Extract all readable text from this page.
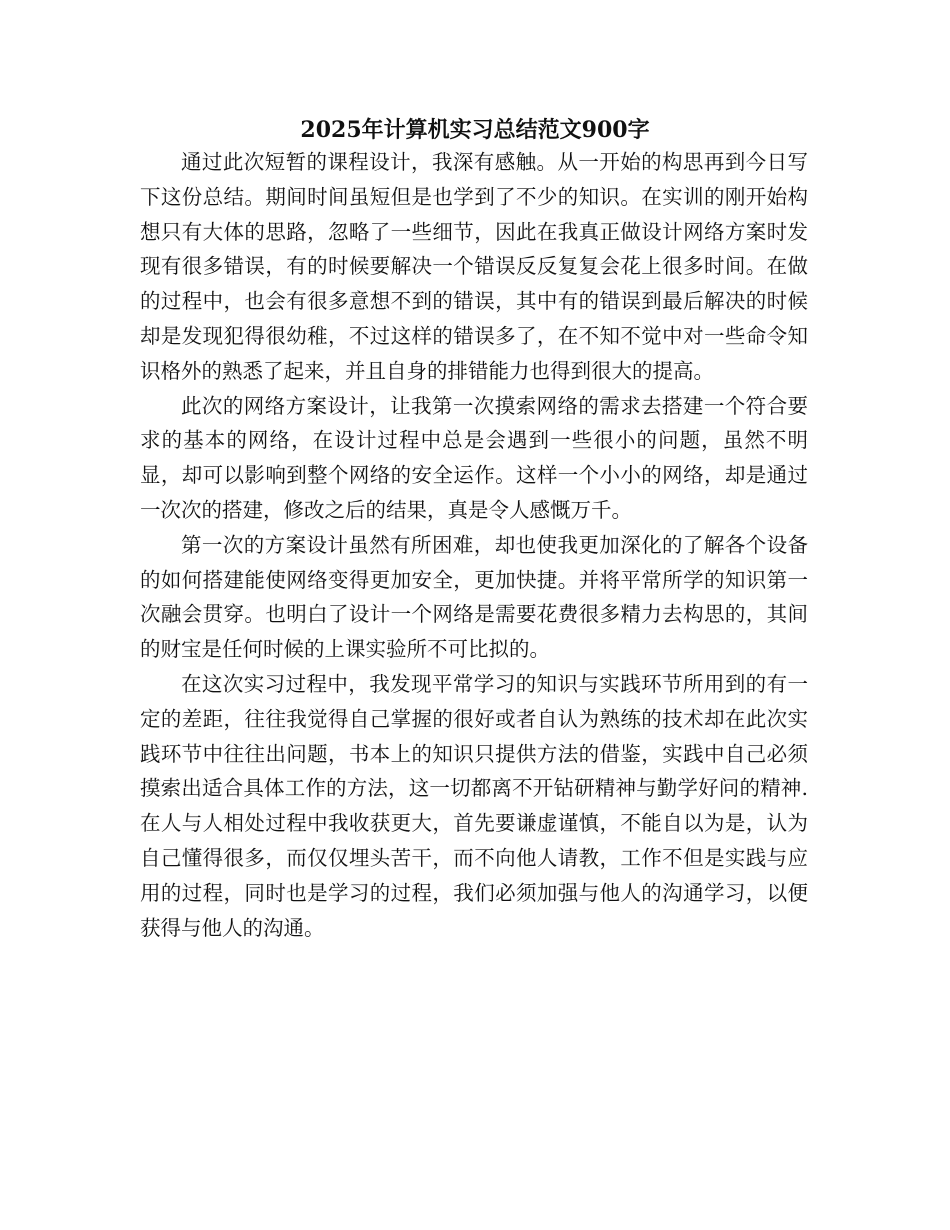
2025年计算机实习总结范文900字

通过此次短暂的课程设计，我深有感触。从一开始的构思再到今日写下这份总结。期间时间虽短但是也学到了不少的知识。在实训的刚开始构想只有大体的思路，忽略了一些细节，因此在我真正做设计网络方案时发现有很多错误，有的时候要解决一个错误反反复复会花上很多时间。在做的过程中，也会有很多意想不到的错误，其中有的错误到最后解决的时候却是发现犯得很幼稚，不过这样的错误多了，在不知不觉中对一些命令知识格外的熟悉了起来，并且自身的排错能力也得到很大的提高。

此次的网络方案设计，让我第一次摸索网络的需求去搭建一个符合要求的基本的网络，在设计过程中总是会遇到一些很小的问题，虽然不明显，却可以影响到整个网络的安全运作。这样一个小小的网络，却是通过一次次的搭建，修改之后的结果，真是令人感慨万千。

第一次的方案设计虽然有所困难，却也使我更加深化的了解各个设备的如何搭建能使网络变得更加安全，更加快捷。并将平常所学的知识第一次融会贯穿。也明白了设计一个网络是需要花费很多精力去构思的，其间的财宝是任何时候的上课实验所不可比拟的。

在这次实习过程中，我发现平常学习的知识与实践环节所用到的有一定的差距，往往我觉得自己掌握的很好或者自认为熟练的技术却在此次实践环节中往往出问题，书本上的知识只提供方法的借鉴，实践中自己必须摸索出适合具体工作的方法，这一切都离不开钻研精神与勤学好问的精神.在人与人相处过程中我收获更大，首先要谦虚谨慎，不能自以为是，认为自己懂得很多，而仅仅埋头苦干，而不向他人请教，工作不但是实践与应用的过程，同时也是学习的过程，我们必须加强与他人的沟通学习，以便获得与他人的沟通。
